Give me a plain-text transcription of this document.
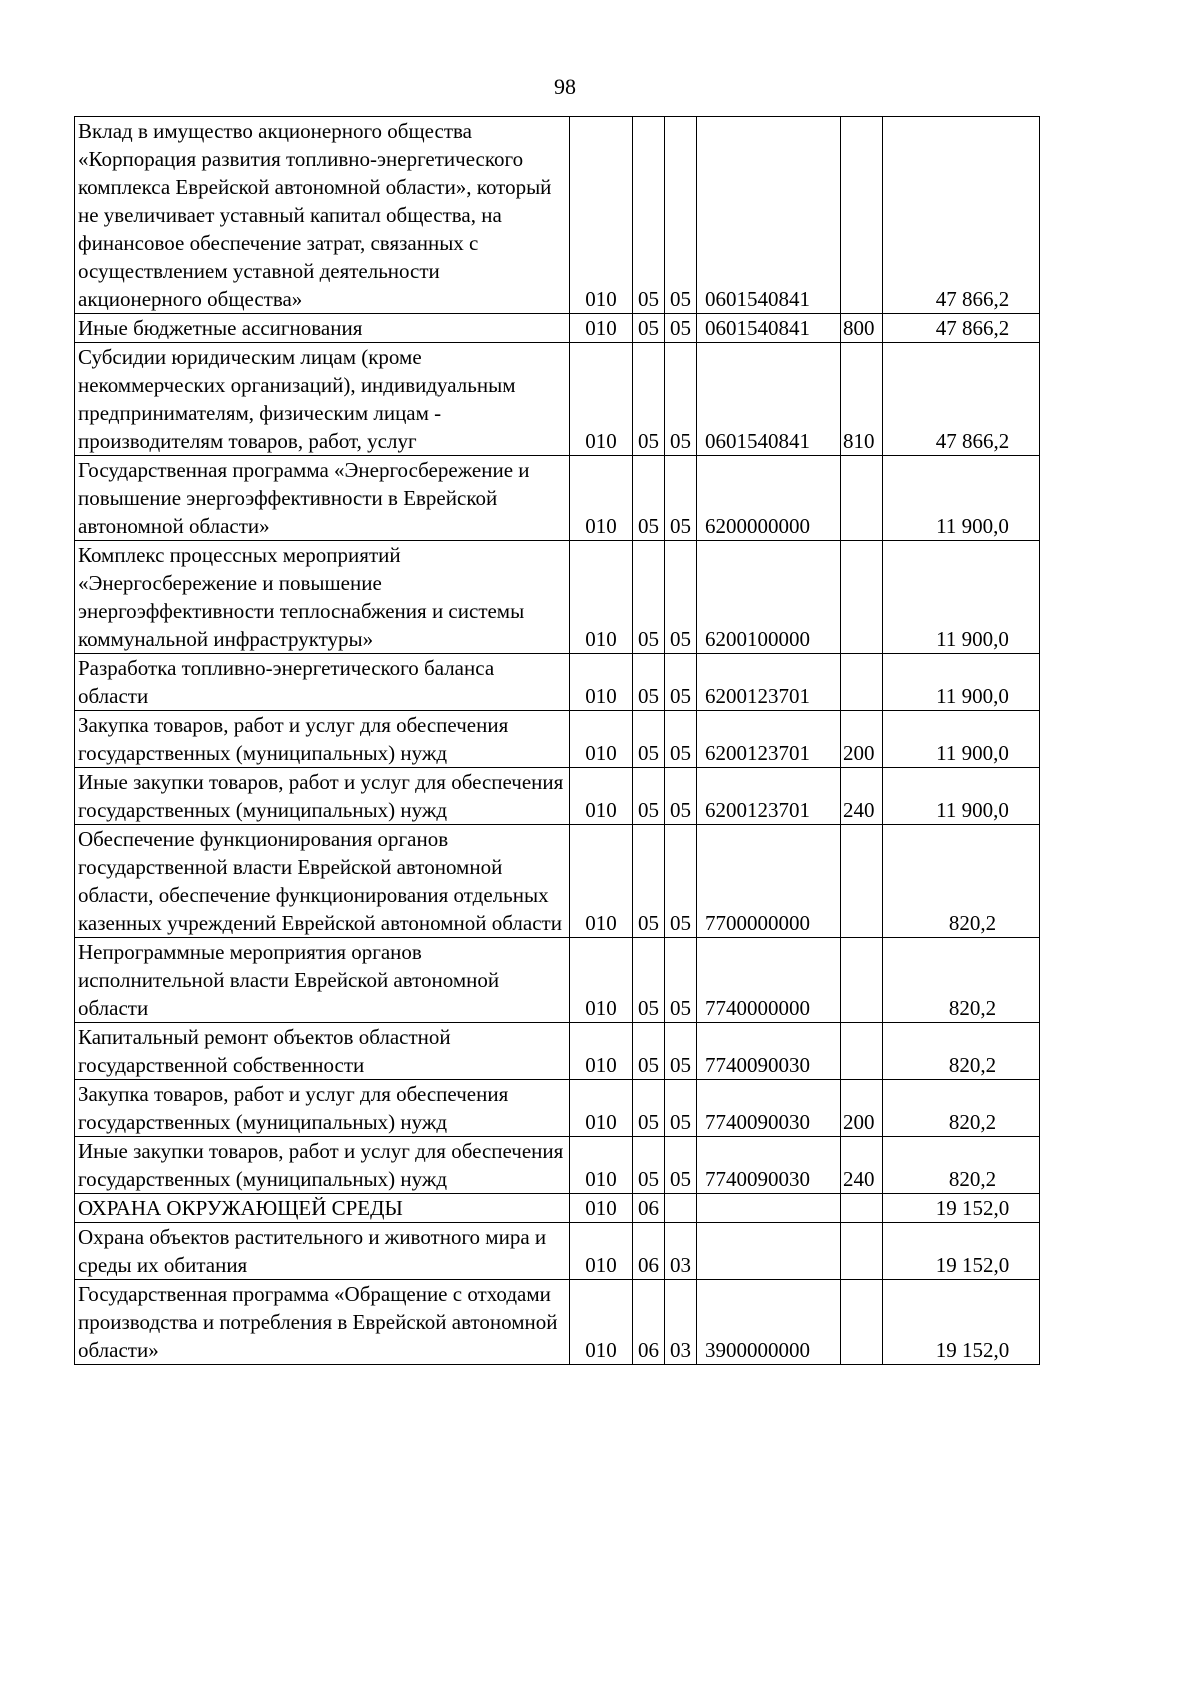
98
Вклад в имущество акционерного общества «Корпорация развития топливно-энергетического комплекса Еврейской автономной области», который не увеличивает уставный капитал общества, на финансовое обеспечение затрат, связанных с осуществлением уставной деятельности акционерного общества»	010	05	05	0601540841		47 866,2
Иные бюджетные ассигнования	010	05	05	0601540841	800	47 866,2
Субсидии юридическим лицам (кроме некоммерческих организаций), индивидуальным предпринимателям, физическим лицам - производителям товаров, работ, услуг	010	05	05	0601540841	810	47 866,2
Государственная программа «Энергосбережение и повышение энергоэффективности в Еврейской автономной области»	010	05	05	6200000000		11 900,0
Комплекс процессных мероприятий «Энергосбережение и повышение энергоэффективности теплоснабжения и системы коммунальной инфраструктуры»	010	05	05	6200100000		11 900,0
Разработка топливно-энергетического баланса области	010	05	05	6200123701		11 900,0
Закупка товаров, работ и услуг для обеспечения государственных (муниципальных) нужд	010	05	05	6200123701	200	11 900,0
Иные закупки товаров, работ и услуг для обеспечения государственных (муниципальных) нужд	010	05	05	6200123701	240	11 900,0
Обеспечение функционирования органов государственной власти Еврейской автономной области, обеспечение функционирования отдельных казенных учреждений Еврейской автономной области	010	05	05	7700000000		820,2
Непрограммные мероприятия органов исполнительной власти Еврейской автономной области	010	05	05	7740000000		820,2
Капитальный ремонт объектов областной государственной собственности	010	05	05	7740090030		820,2
Закупка товаров, работ и услуг для обеспечения государственных (муниципальных) нужд	010	05	05	7740090030	200	820,2
Иные закупки товаров, работ и услуг для обеспечения государственных (муниципальных) нужд	010	05	05	7740090030	240	820,2
ОХРАНА ОКРУЖАЮЩЕЙ СРЕДЫ	010	06				19 152,0
Охрана объектов растительного и животного мира и среды их обитания	010	06	03			19 152,0
Государственная программа «Обращение с отходами производства и потребления в Еврейской автономной области»	010	06	03	3900000000		19 152,0
